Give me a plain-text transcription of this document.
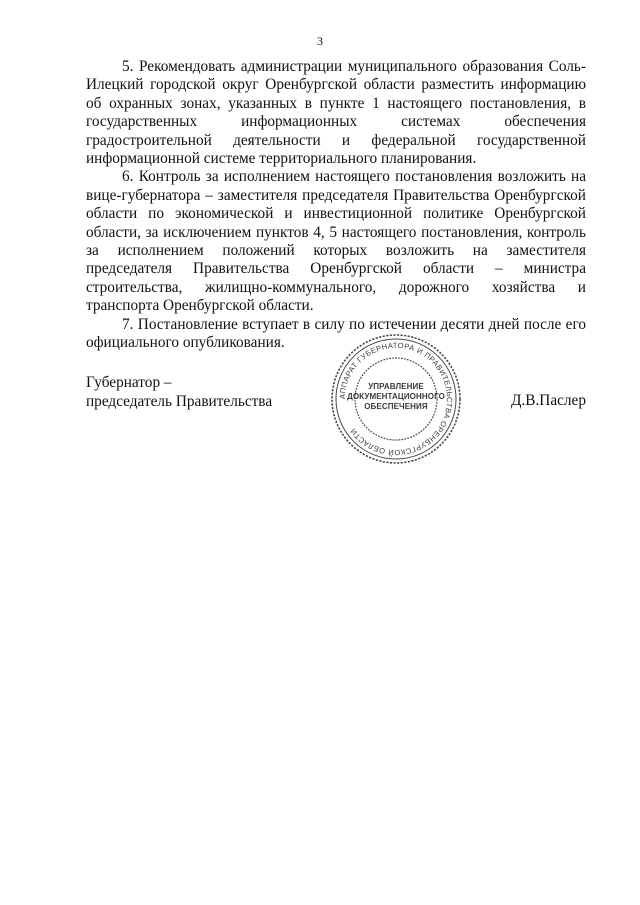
3

5. Рекомендовать администрации муниципального образования Соль-Илецкий городской округ Оренбургской области разместить информацию об охранных зонах, указанных в пункте 1 настоящего постановления, в государственных информационных системах обеспечения градостроительной деятельности и федеральной государственной информационной системе территориального планирования.

6. Контроль за исполнением настоящего постановления возложить на вице-губернатора – заместителя председателя Правительства Оренбургской области по экономической и инвестиционной политике Оренбургской области, за исключением пунктов 4, 5 настоящего постановления, контроль за исполнением положений которых возложить на заместителя председателя Правительства Оренбургской области – министра строительства, жилищно-коммунального, дорожного хозяйства и транспорта Оренбургской области.

7. Постановление вступает в силу по истечении десяти дней после его официального опубликования.

Губернатор –
председатель Правительства	АППАРАТ ГУБЕРНАТОРА И ПРАВИТЕЛЬСТВА ОРЕНБУРГСКОЙ ОБЛАСТИ
УПРАВЛЕНИЕ
ДОКУМЕНТАЦИОННОГО
ОБЕСПЕЧЕНИЯ	Д.В.Паслер
